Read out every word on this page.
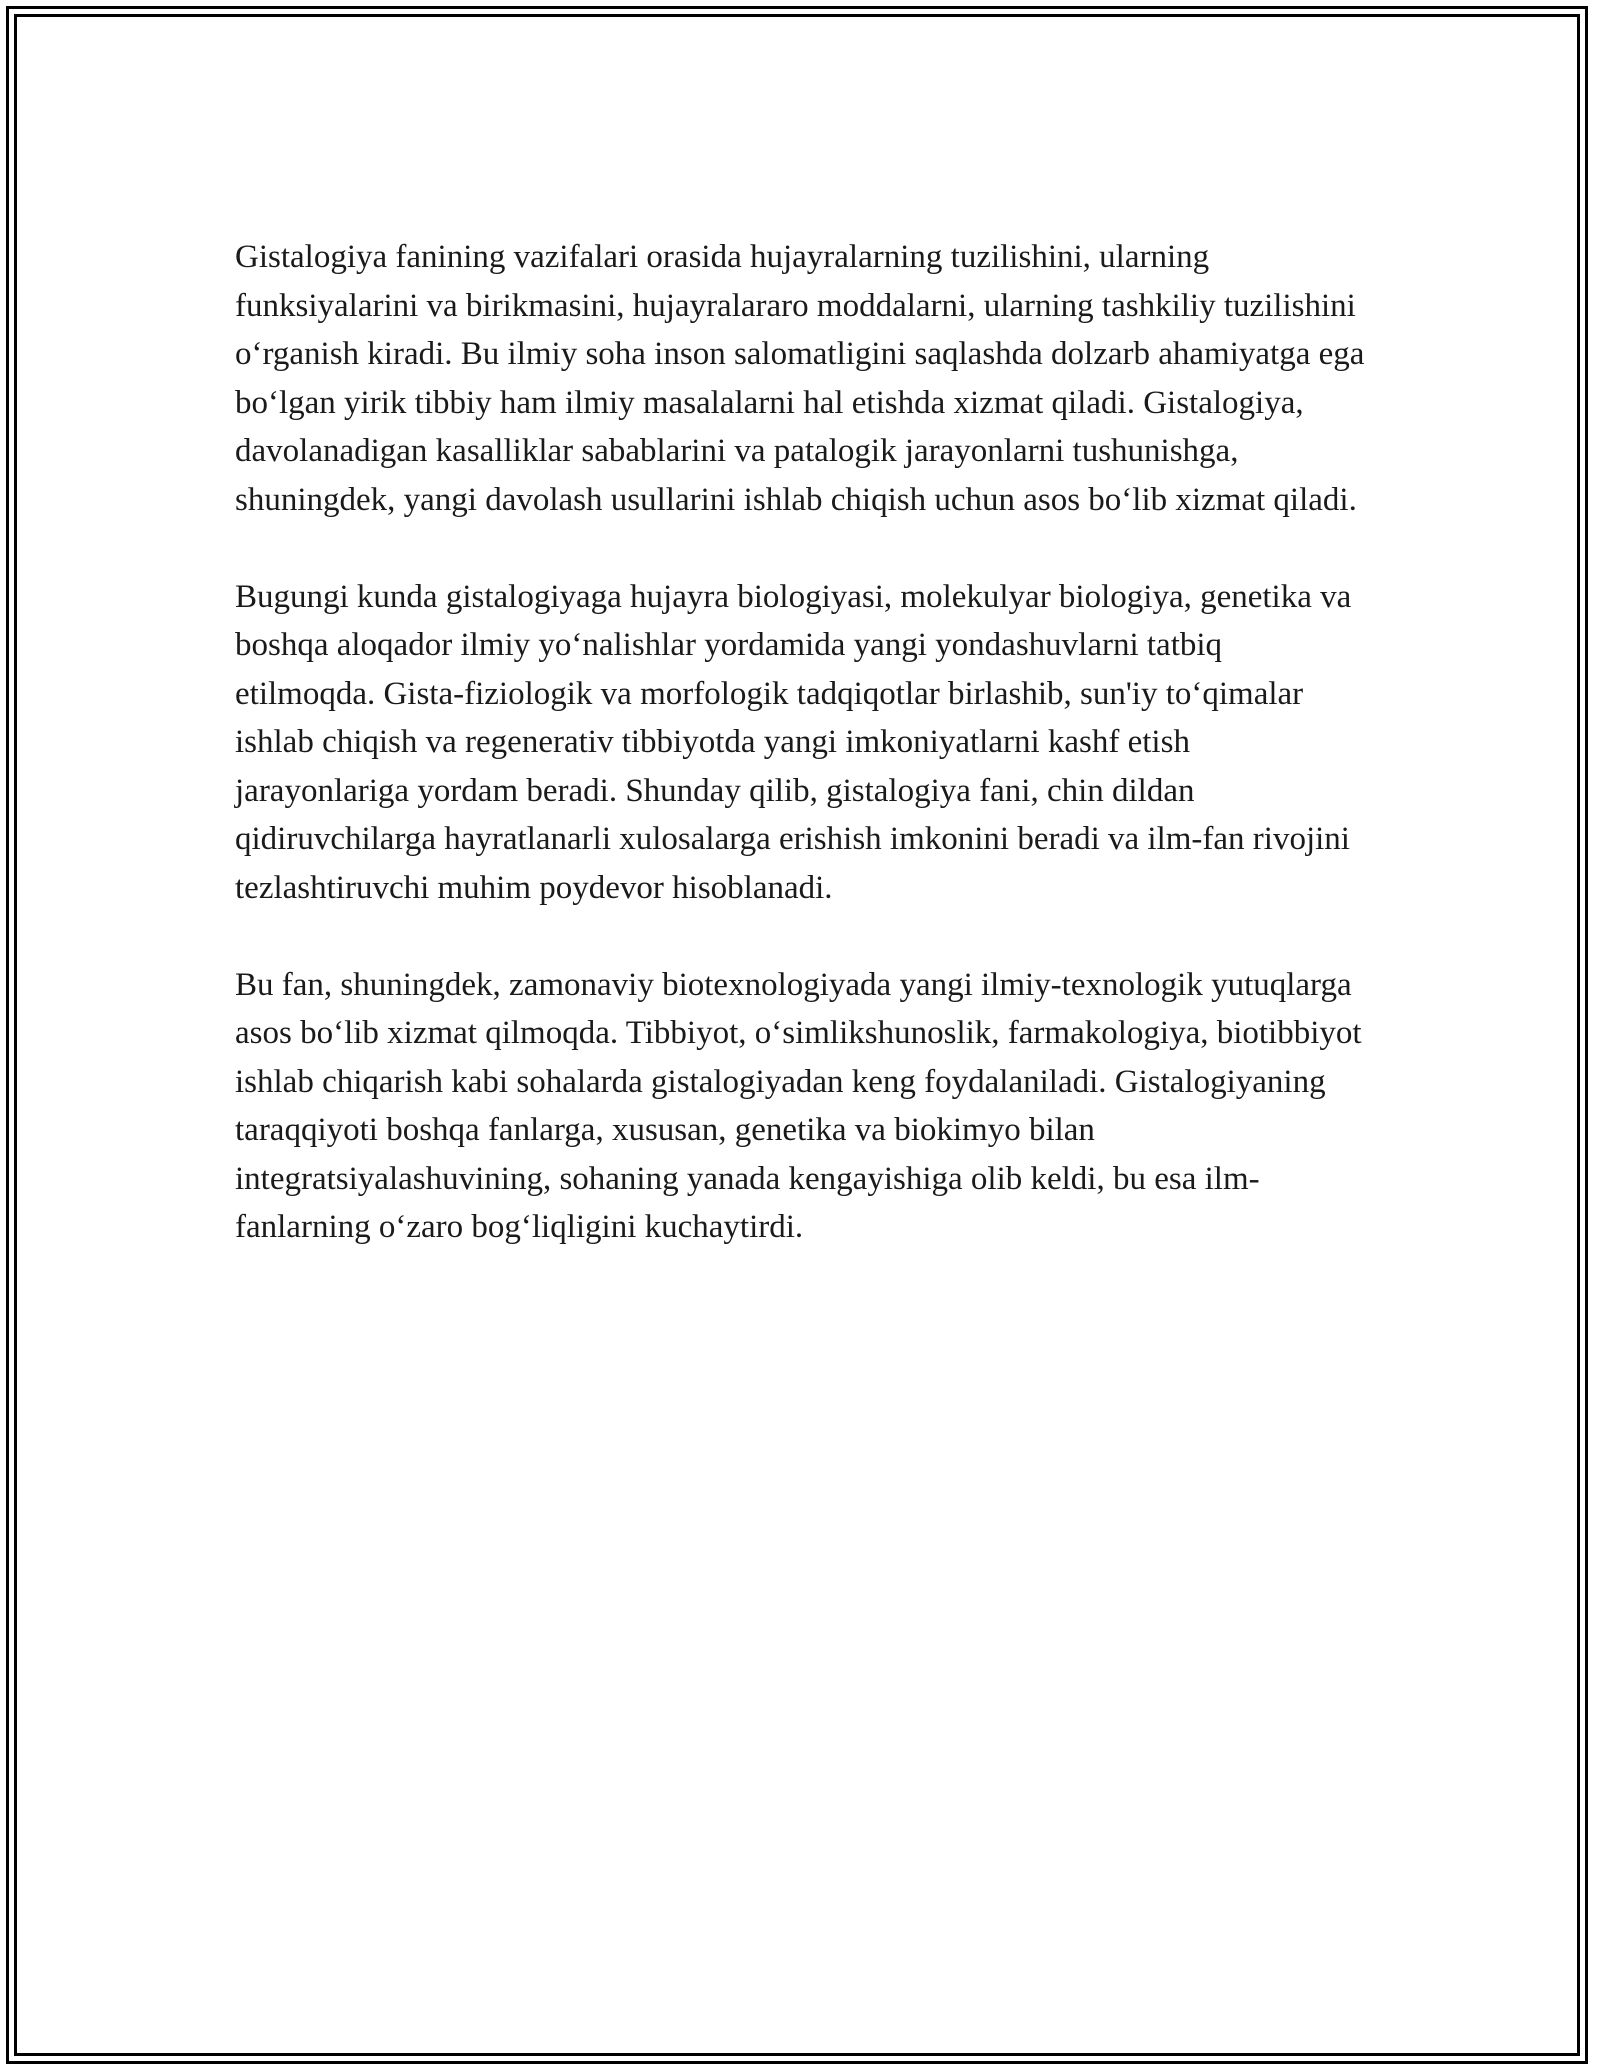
Gistalogiya fanining vazifalari orasida hujayralarning tuzilishini, ularning funksiyalarini va birikmasini, hujayralararo moddalarni, ularning tashkiliy tuzilishini o‘rganish kiradi. Bu ilmiy soha inson salomatligini saqlashda dolzarb ahamiyatga ega bo‘lgan yirik tibbiy ham ilmiy masalalarni hal etishda xizmat qiladi. Gistalogiya, davolanadigan kasalliklar sabablarini va patalogik jarayonlarni tushunishga, shuningdek, yangi davolash usullarini ishlab chiqish uchun asos bo‘lib xizmat qiladi.

Bugungi kunda gistalogiyaga hujayra biologiyasi, molekulyar biologiya, genetika va boshqa aloqador ilmiy yo‘nalishlar yordamida yangi yondashuvlarni tatbiq etilmoqda. Gista-fiziologik va morfologik tadqiqotlar birlashib, sun'iy to‘qimalar ishlab chiqish va regenerativ tibbiyotda yangi imkoniyatlarni kashf etish jarayonlariga yordam beradi. Shunday qilib, gistalogiya fani, chin dildan qidiruvchilarga hayratlanarli xulosalarga erishish imkonini beradi va ilm-fan rivojini tezlashtiruvchi muhim poydevor hisoblanadi.

Bu fan, shuningdek, zamonaviy biotexnologiyada yangi ilmiy-texnologik yutuqlarga asos bo‘lib xizmat qilmoqda. Tibbiyot, o‘simlikshunoslik, farmakologiya, biotibbiyot ishlab chiqarish kabi sohalarda gistalogiyadan keng foydalaniladi. Gistalogiyaning taraqqiyoti boshqa fanlarga, xususan, genetika va biokimyo bilan integratsiyalashuvining, sohaning yanada kengayishiga olib keldi, bu esa ilm-fanlarning o‘zaro bog‘liqligini kuchaytirdi.
